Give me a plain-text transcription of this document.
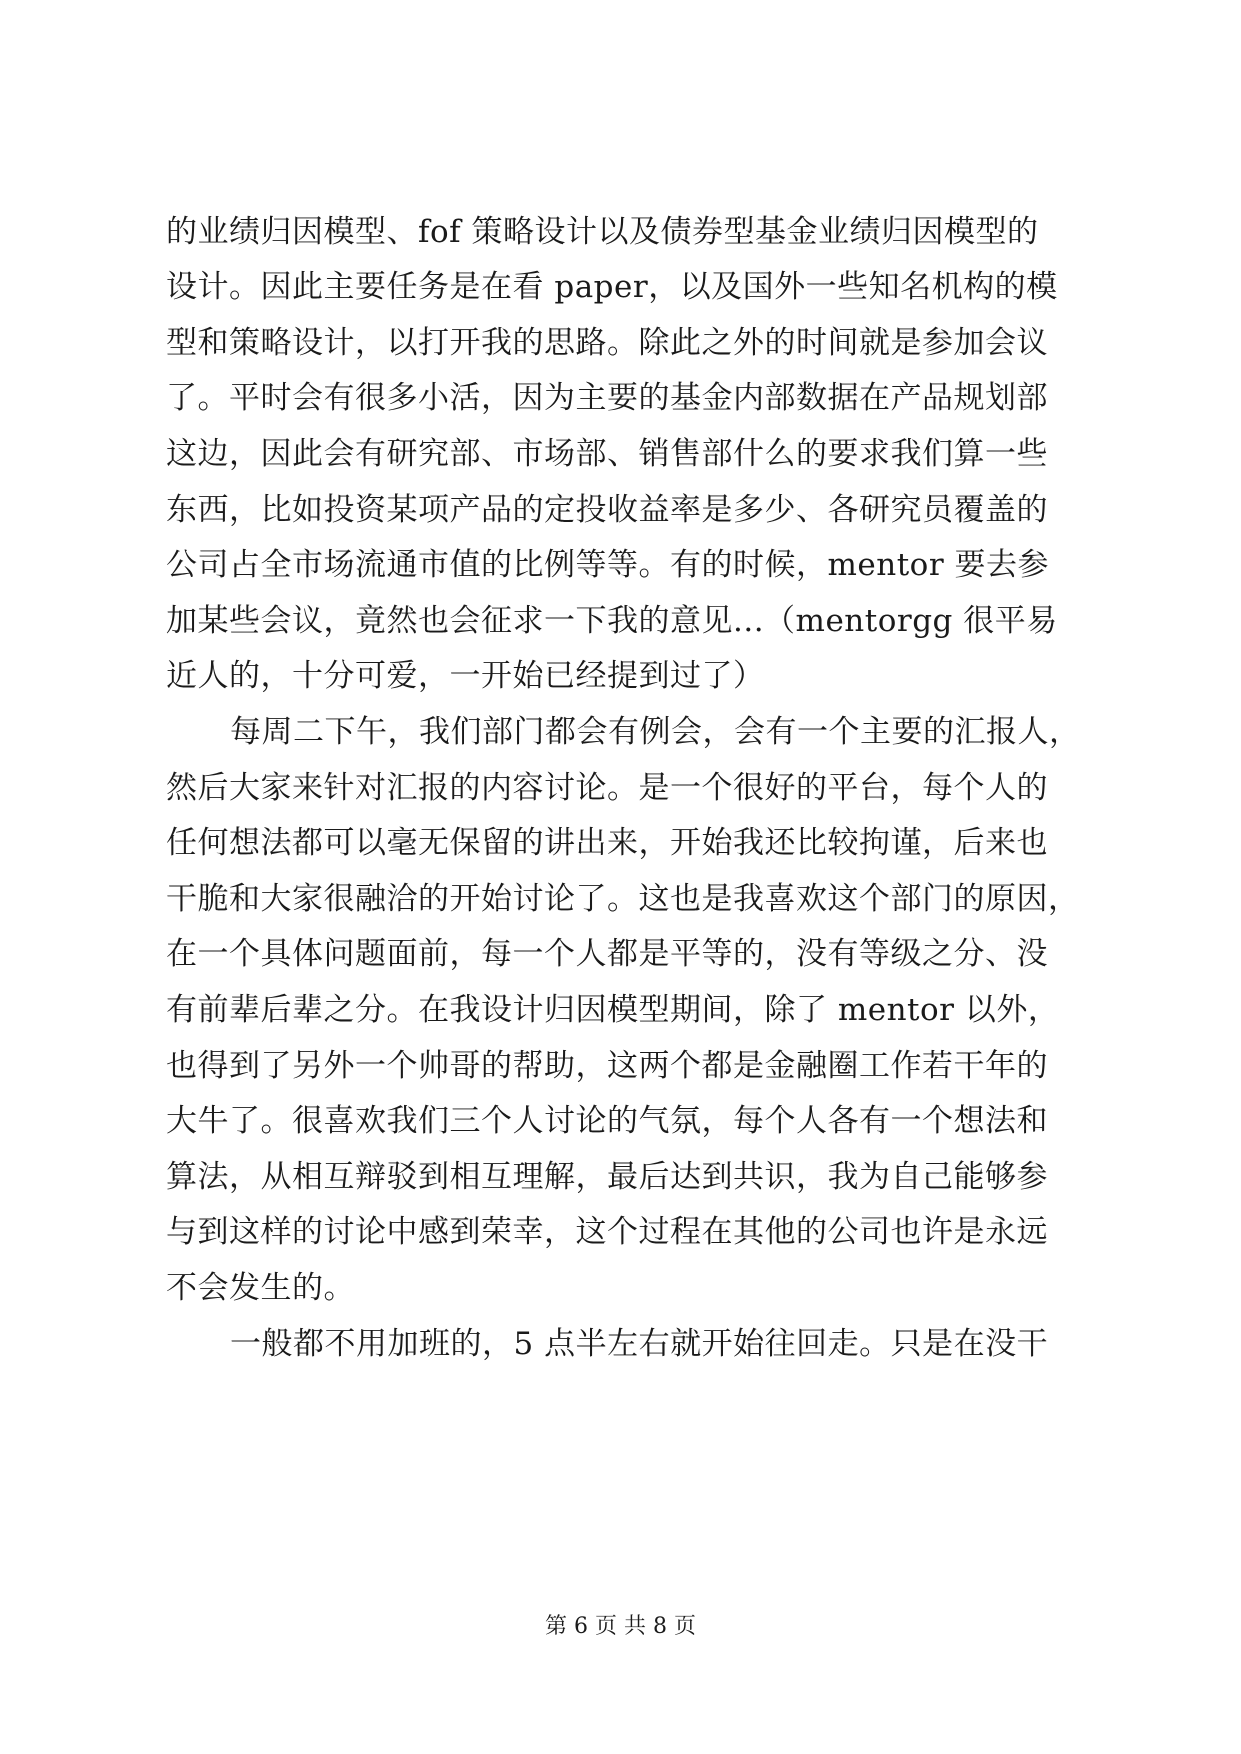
的业绩归因模型、fof 策略设计以及债券型基金业绩归因模型的
设计。因此主要任务是在看 paper，以及国外一些知名机构的模
型和策略设计，以打开我的思路。除此之外的时间就是参加会议
了。平时会有很多小活，因为主要的基金内部数据在产品规划部
这边，因此会有研究部、市场部、销售部什么的要求我们算一些
东西，比如投资某项产品的定投收益率是多少、各研究员覆盖的
公司占全市场流通市值的比例等等。有的时候，mentor 要去参
加某些会议，竟然也会征求一下我的意见...（mentorgg 很平易
近人的，十分可爱，一开始已经提到过了）
每周二下午，我们部门都会有例会，会有一个主要的汇报人，
然后大家来针对汇报的内容讨论。是一个很好的平台，每个人的
任何想法都可以毫无保留的讲出来，开始我还比较拘谨，后来也
干脆和大家很融洽的开始讨论了。这也是我喜欢这个部门的原因，
在一个具体问题面前，每一个人都是平等的，没有等级之分、没
有前辈后辈之分。在我设计归因模型期间，除了 mentor 以外，
也得到了另外一个帅哥的帮助，这两个都是金融圈工作若干年的
大牛了。很喜欢我们三个人讨论的气氛，每个人各有一个想法和
算法，从相互辩驳到相互理解，最后达到共识，我为自己能够参
与到这样的讨论中感到荣幸，这个过程在其他的公司也许是永远
不会发生的。
一般都不用加班的，5 点半左右就开始往回走。只是在没干
第 6 页 共 8 页
